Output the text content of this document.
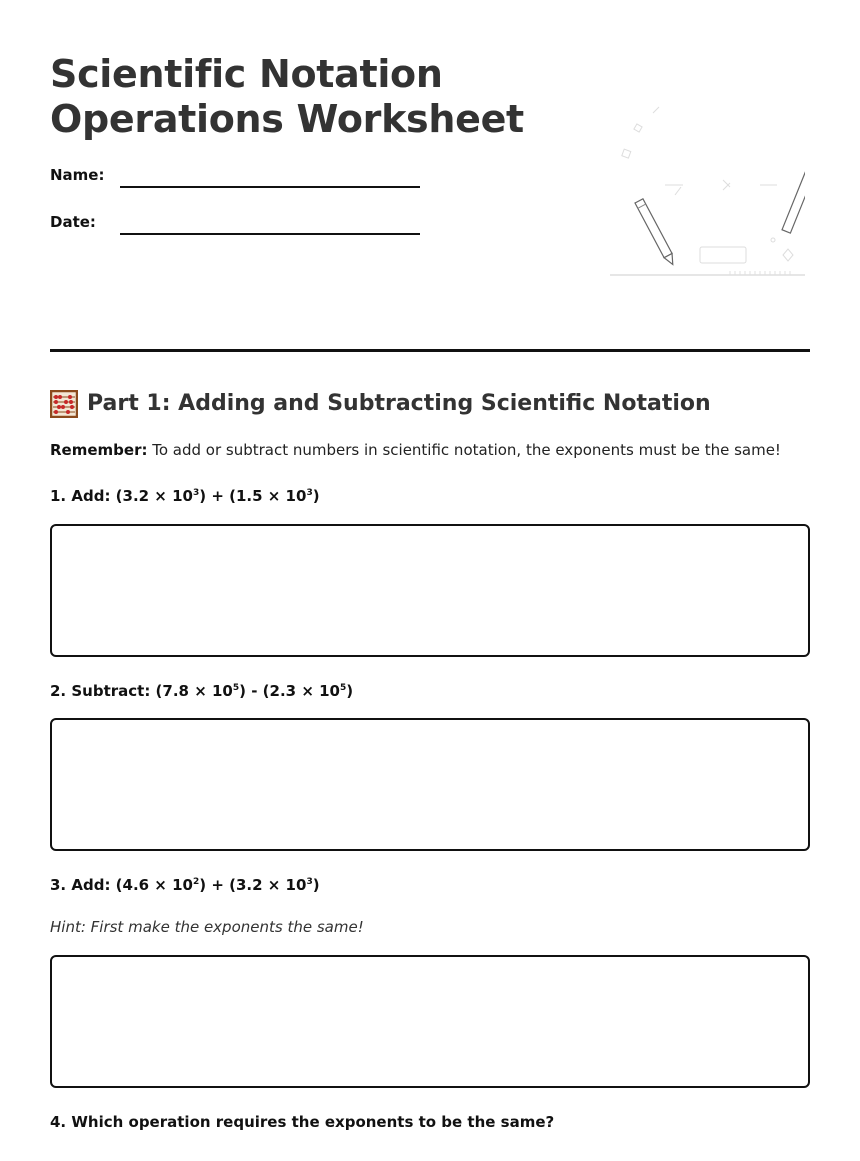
Scientific Notation
Operations Worksheet
Name:
Date:
Part 1: Adding and Subtracting Scientific Notation
Remember: To add or subtract numbers in scientific notation, the exponents must be the same!
1. Add: $(3.2 \times 10^3) + (1.5 \times 10^3)$
2. Subtract: $(7.8 \times 10^5) - (2.3 \times 10^5)$
3. Add: $(4.6 \times 10^2) + (3.2 \times 10^3)$
Hint: First make the exponents the same!
4. Which operation requires the exponents to be the same?
